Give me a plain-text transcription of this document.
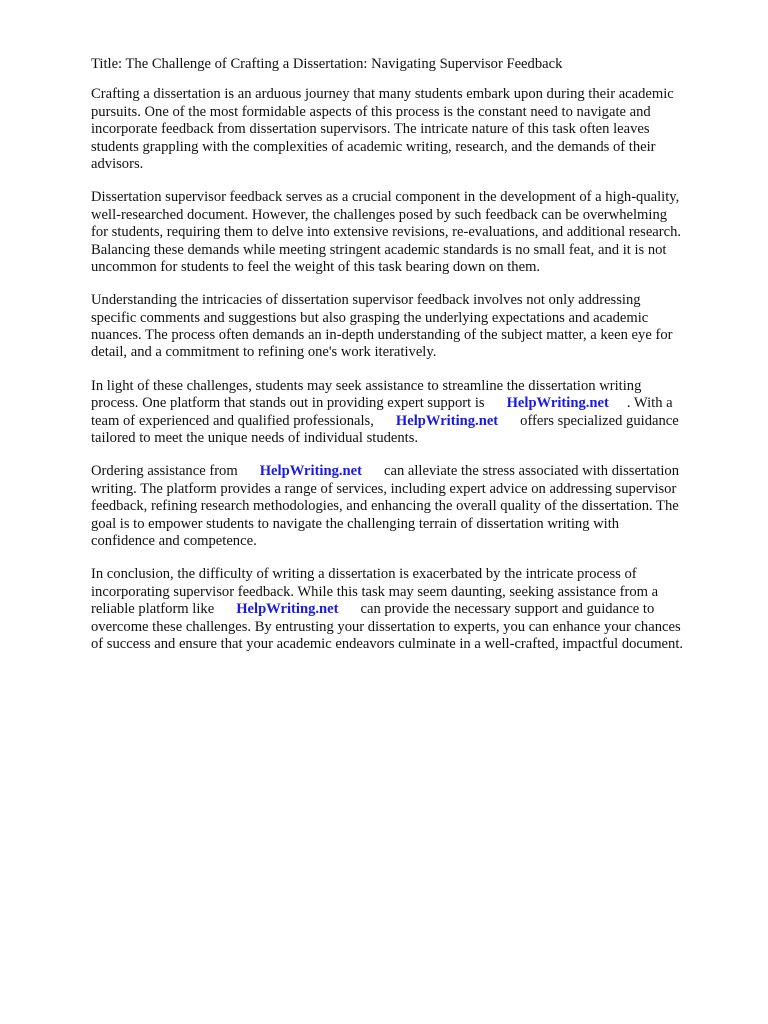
Title: The Challenge of Crafting a Dissertation: Navigating Supervisor Feedback
Crafting a dissertation is an arduous journey that many students embark upon during their academic
pursuits. One of the most formidable aspects of this process is the constant need to navigate and
incorporate feedback from dissertation supervisors. The intricate nature of this task often leaves
students grappling with the complexities of academic writing, research, and the demands of their
advisors.
Dissertation supervisor feedback serves as a crucial component in the development of a high-quality,
well-researched document. However, the challenges posed by such feedback can be overwhelming
for students, requiring them to delve into extensive revisions, re-evaluations, and additional research.
Balancing these demands while meeting stringent academic standards is no small feat, and it is not
uncommon for students to feel the weight of this task bearing down on them.
Understanding the intricacies of dissertation supervisor feedback involves not only addressing
specific comments and suggestions but also grasping the underlying expectations and academic
nuances. The process often demands an in-depth understanding of the subject matter, a keen eye for
detail, and a commitment to refining one's work iteratively.
In light of these challenges, students may seek assistance to streamline the dissertation writing
process. One platform that stands out in providing expert support is HelpWriting.net . With a
team of experienced and qualified professionals, HelpWriting.net offers specialized guidance
tailored to meet the unique needs of individual students.
Ordering assistance from HelpWriting.net can alleviate the stress associated with dissertation
writing. The platform provides a range of services, including expert advice on addressing supervisor
feedback, refining research methodologies, and enhancing the overall quality of the dissertation. The
goal is to empower students to navigate the challenging terrain of dissertation writing with
confidence and competence.
In conclusion, the difficulty of writing a dissertation is exacerbated by the intricate process of
incorporating supervisor feedback. While this task may seem daunting, seeking assistance from a
reliable platform like HelpWriting.net can provide the necessary support and guidance to
overcome these challenges. By entrusting your dissertation to experts, you can enhance your chances
of success and ensure that your academic endeavors culminate in a well-crafted, impactful document.
